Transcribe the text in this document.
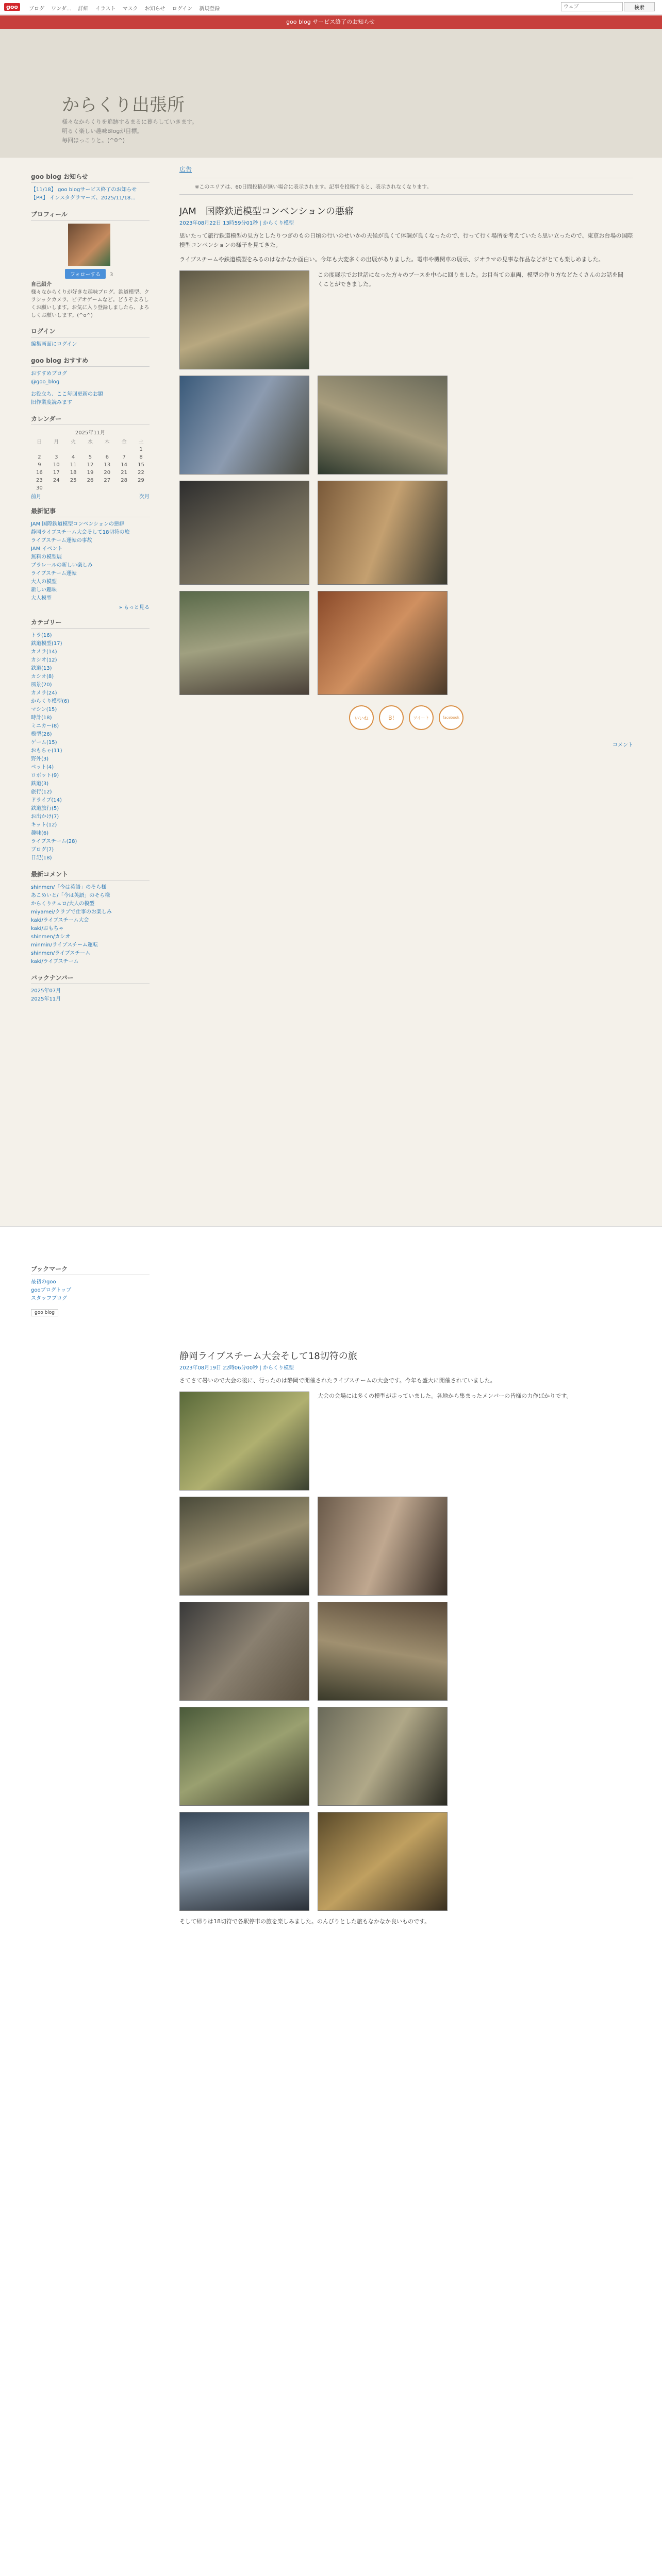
goo	ブログ ワンダ... 詳細 イラスト マスク お知らせ ログイン 新規登録
ウェブ	検索
goo blog サービス終了のお知らせ
からくり出張所
様々なからくりを追跡するまるに暮らしていきます。
明るく楽しい趣味Blogが目標。
毎回ほっこりと。(^0^)
goo blog お知らせ
【11/18】 goo blogサービス終了のお知らせ
【PR】 インスタグラマーズ、2025/11/18...
プロフィール
フォローする 3
自己紹介
様々なからくりが好きな趣味ブログ。鉄道模型、クラシックカメラ、ビデオゲームなど。どうぞよろしくお願いします。お気に入り登録しましたら、よろしくお願いします。(^o^)
ログイン
編集画面にログイン
goo blog おすすめ
おすすめブログ
@goo_blog
お役立ち、ここ毎回更新のお題
旧作業度読みます
カレンダー
2025年11月
日	月	火	水	木	金	土
						1
2	3	4	5	6	7	8
9	10	11	12	13	14	15
16	17	18	19	20	21	22
23	24	25	26	27	28	29
30						
前月	次月
最新記事
JAM 国際鉄道模型コンベンションの悪癖
静岡ライブスチーム大会そして18切符の旅
ライブスチーム運転の事故
JAM イベント
無料の模型展
プラレールの新しい楽しみ
ライブスチーム運転
大人の模型
新しい趣味
大人模型
» もっと見る
カテゴリー
トラ(16)
鉄道模型(17)
カメラ(14)
カシオ(12)
鉄道(13)
カシオ(8)
風景(20)
カメラ(24)
からくり模型(6)
マシン(15)
時計(18)
ミニカー(8)
模型(26)
ゲーム(15)
おもちゃ(11)
野外(3)
ペット(4)
ロボット(9)
鉄道(3)
旅行(12)
ドライブ(14)
鉄道旅行(5)
お出かけ(7)
キット(12)
趣味(6)
ライブスチーム(28)
ブログ(7)
日記(18)
最新コメント
shinmen/「今は英語」のそら様
あこめいと/「今は英語」のそら様
からくりチェロ/大人の模型
miyamei/クラブで仕事のお楽しみ
kaki/ライブスチーム大会
kaki/おもちゃ
shinmen/カシオ
minmin/ライブスチーム運転
shinmen/ライブスチーム
kaki/ライブスチーム
バックナンバー
2025年07月
2025年11月
広告
※このエリアは、60日間投稿が無い場合に表示されます。記事を投稿すると、表示されなくなります。
JAM　国際鉄道模型コンベンションの悪癖
2023年08月22日 13時59分01秒 | からくり模型
思いたって旅行鉄道模型の見方としたりつぎのもの日頃の行いのせいかの天候が良くて体調が良くなったので、行って行く場所を考えていたら思い立ったので、東京お台場の国際模型コンベンションの様子を見てきた。
ライブスチームや鉄道模型をみるのはなかなか面白い。今年も大変多くの出展がありました。電車や機関車の展示、ジオラマの見事な作品などがとても楽しめました。
この度展示でお世話になった方々のブースを中心に回りました。お目当ての車両、模型の作り方などたくさんのお話を聞くことができました。
いいね	B!	ツイート	facebook
コメント
ブックマーク
最初のgoo
gooブログトップ
スタッフブログ
goo blog
静岡ライブスチーム大会そして18切符の旅
2023年08月19日 22時06分00秒 | からくり模型
さてさて暑いので大会の後に、行ったのは静岡で開催されたライブスチームの大会です。今年も盛大に開催されていました。
大会の会場には多くの模型が走っていました。各地から集まったメンバーの皆様の力作ばかりです。
そして帰りは18切符で各駅停車の旅を楽しみました。のんびりとした旅もなかなか良いものです。
